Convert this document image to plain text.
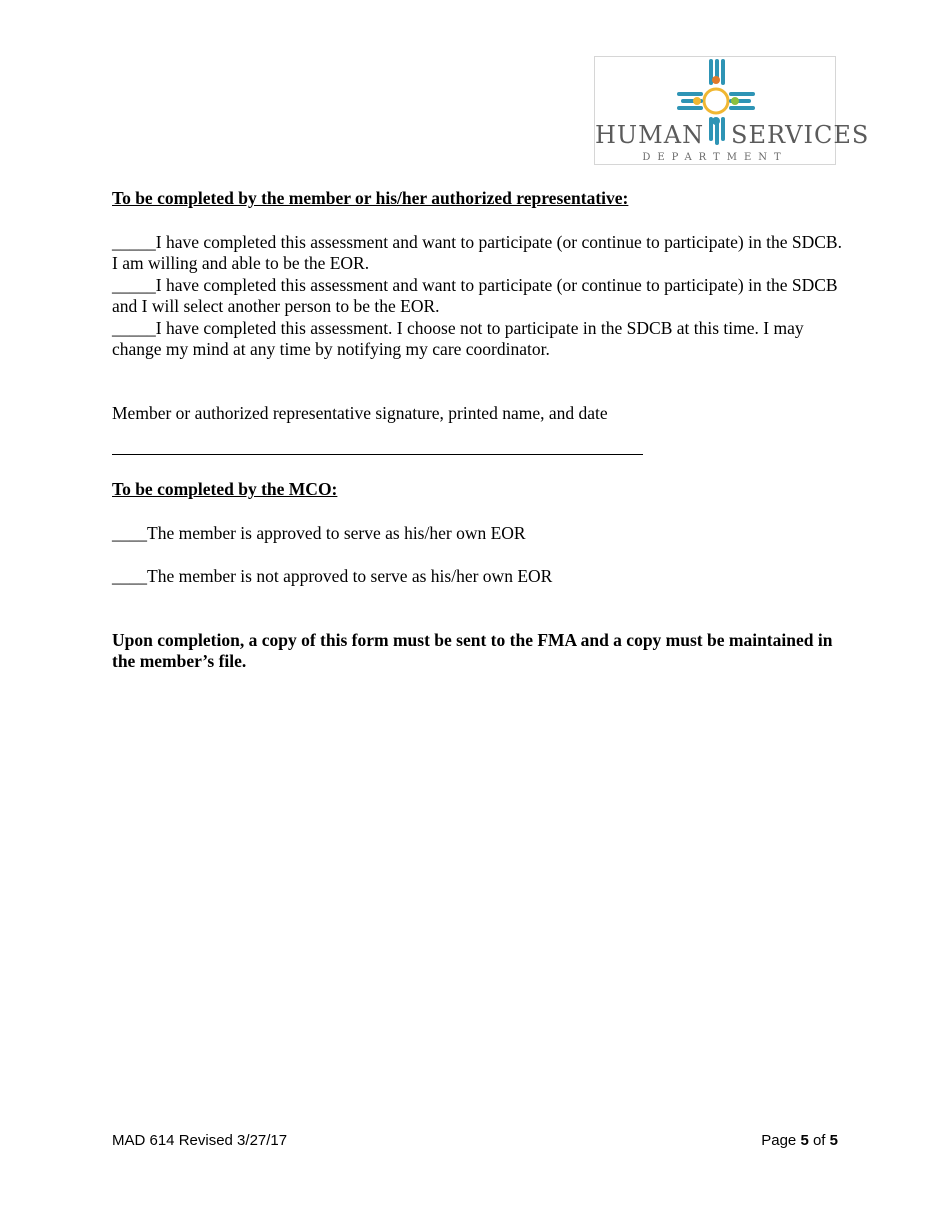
HUMAN SERVICES
DEPARTMENT

To be completed by the member or his/her authorized representative:

_____I have completed this assessment and want to participate (or continue to participate) in the SDCB. I am willing and able to be the EOR.

_____I have completed this assessment and want to participate (or continue to participate) in the SDCB and I will select another person to be the EOR.

_____I have completed this assessment. I choose not to participate in the SDCB at this time. I may change my mind at any time by notifying my care coordinator.

Member or authorized representative signature, printed name, and date

To be completed by the MCO:

____The member is approved to serve as his/her own EOR

____The member is not approved to serve as his/her own EOR

Upon completion, a copy of this form must be sent to the FMA and a copy must be maintained in the member’s file.

MAD 614 Revised 3/27/17	Page 5 of 5
